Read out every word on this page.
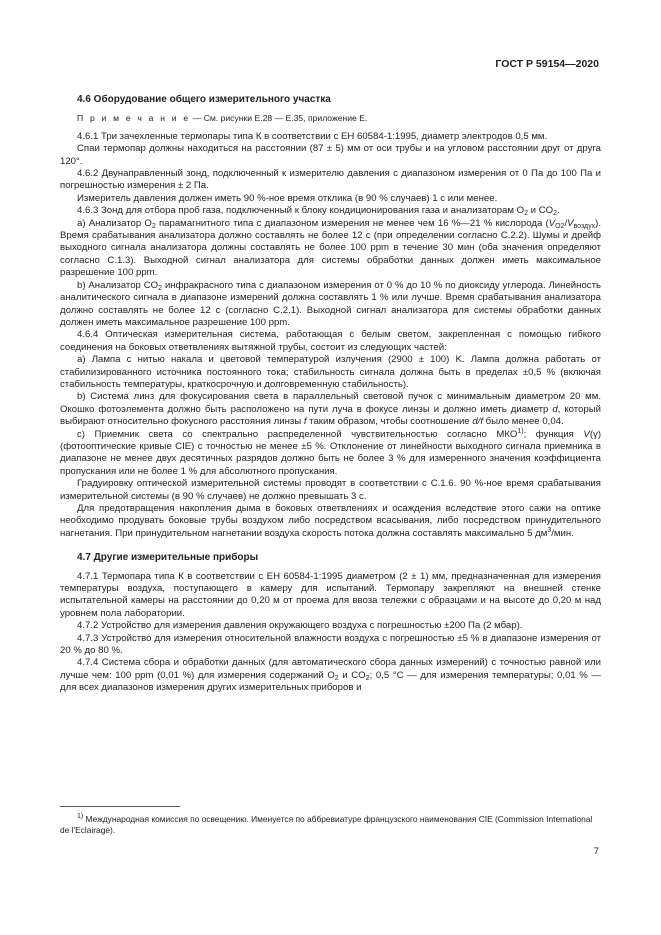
ГОСТ Р 59154—2020

4.6 Оборудование общего измерительного участка

П р и м е ч а н и е — См. рисунки Е.28 — Е.35, приложение Е.

4.6.1 Три зачехленные термопары типа К в соответствии с ЕН 60584-1:1995, диаметр электродов 0,5 мм.

Спаи термопар должны находиться на расстоянии (87 ± 5) мм от оси трубы и на угловом расстоянии друг от друга 120°.

4.6.2 Двунаправленный зонд, подключенный к измерителю давления с диапазоном измерения от 0 Па до 100 Па и погрешностью измерения ± 2 Па.

Измеритель давления должен иметь 90 %-ное время отклика (в 90 % случаев) 1 с или менее.

4.6.3 Зонд для отбора проб газа, подключенный к блоку кондиционирования газа и анализаторам $O_2$ и $CO_2$.

a) Анализатор $O_2$ парамагнитного типа с диапазоном измерения не менее чем 16 %—21 % кислорода $(V_{O2}/V_{воздух})$. Время срабатывания анализатора должно составлять не более 12 с (при определении согласно С.2.2). Шумы и дрейф выходного сигнала анализатора должны составлять не более 100 ppm в течение 30 мин (оба значения определяют согласно С.1.3). Выходной сигнал анализатора для системы обработки данных должен иметь максимальное разрешение 100 ppm.

b) Анализатор $CO_2$ инфракрасного типа с диапазоном измерения от 0 % до 10 % по диоксиду углерода. Линейность аналитического сигнала в диапазоне измерений должна составлять 1 % или лучше. Время срабатывания анализатора должно составлять не более 12 с (согласно С.2.1). Выходной сигнал анализатора для системы обработки данных должен иметь максимальное разрешение 100 ppm.

4.6.4 Оптическая измерительная система, работающая с белым светом, закрепленная с помощью гибкого соединения на боковых ответвлениях вытяжной трубы, состоит из следующих частей:

a) Лампа с нитью накала и цветовой температурой излучения (2900 ± 100) K. Лампа должна работать от стабилизированного источника постоянного тока; стабильность сигнала должна быть в пределах ±0,5 % (включая стабильность температуры, краткосрочную и долговременную стабильность).

b) Система линз для фокусирования света в параллельный световой пучок с минимальным диаметром 20 мм. Окошко фотоэлемента должно быть расположено на пути луча в фокусе линзы и должно иметь диаметр d, который выбирают относительно фокусного расстояния линзы f таким образом, чтобы соотношение d/f было менее 0,04.

c) Приемник света со спектрально распределенной чувствительностью согласно МКО$^{1)}$; функция V(γ) (фотооптические кривые CIE) с точностью не менее ±5 %. Отклонение от линейности выходного сигнала приемника в диапазоне не менее двух десятичных разрядов должно быть не более 3 % для измеренного значения коэффициента пропускания или не более 1 % для абсолютного пропускания.

Градуировку оптической измерительной системы проводят в соответствии с С.1.6. 90 %-ное время срабатывания измерительной системы (в 90 % случаев) не должно превышать 3 с.

Для предотвращения накопления дыма в боковых ответвлениях и осаждения вследствие этого сажи на оптике необходимо продувать боковые трубы воздухом либо посредством всасывания, либо посредством принудительного нагнетания. При принудительном нагнетании воздуха скорость потока должна составлять максимально 5 $дм^3$/мин.

4.7 Другие измерительные приборы

4.7.1 Термопара типа К в соответствии с ЕН 60584-1:1995 диаметром (2 ± 1) мм, предназначенная для измерения температуры воздуха, поступающего в камеру для испытаний. Термопару закрепляют на внешней стенке испытательной камеры на расстоянии до 0,20 м от проема для ввоза тележки с образцами и на высоте до 0,20 м над уровнем пола лаборатории.

4.7.2 Устройство для измерения давления окружающего воздуха с погрешностью ±200 Па (2 мбар).

4.7.3 Устройство для измерения относительной влажности воздуха с погрешностью ±5 % в диапазоне измерения от 20 % до 80 %.

4.7.4 Система сбора и обработки данных (для автоматического сбора данных измерений) с точностью равной или лучше чем: 100 ppm (0,01 %) для измерения содержаний $O_2$ и $CO_2$; 0,5 °С — для измерения температуры; 0,01 % — для всех диапазонов измерения других измерительных приборов и

$^{1)}$ Международная комиссия по освещению. Именуется по аббревиатуре французского наименования CIE (Commission International de l'Eclairage).

7
